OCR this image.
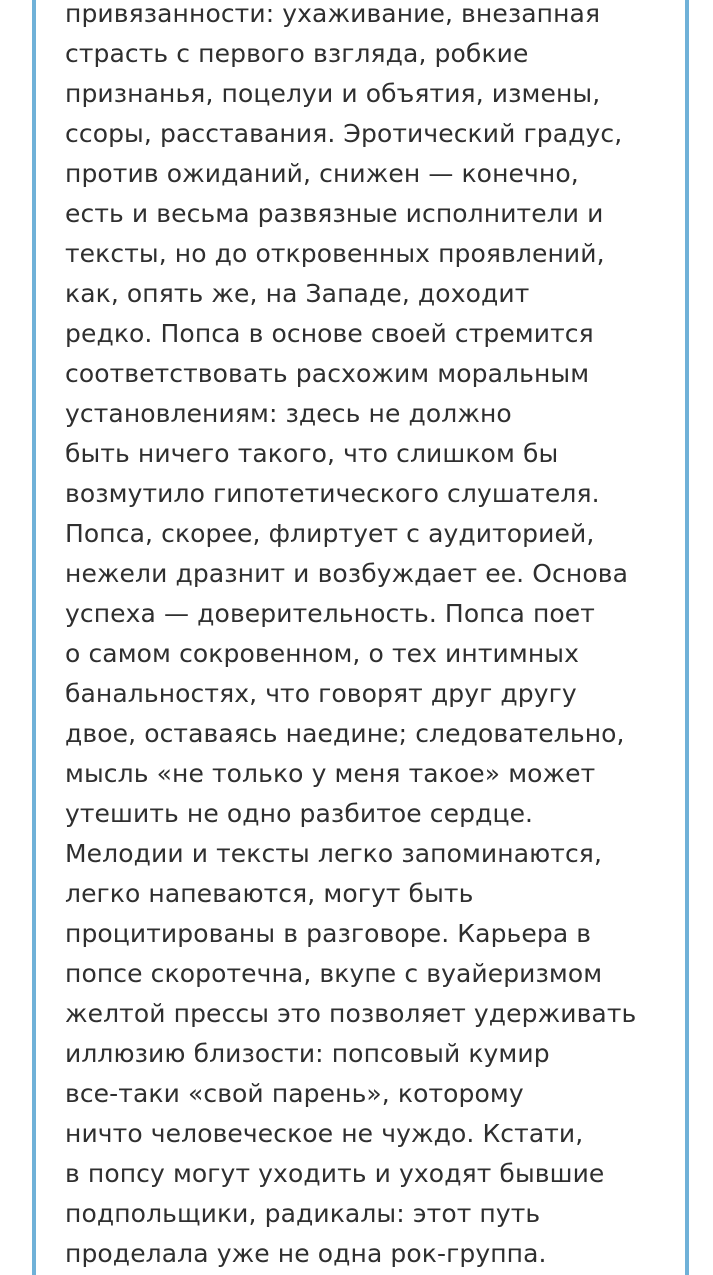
привязанности: ухаживание, внезапная
страсть с первого взгляда, робкие
признанья, поцелуи и объятия, измены,
ссоры, расставания. Эротический градус,
против ожиданий, снижен — конечно,
есть и весьма развязные исполнители и
тексты, но до откровенных проявлений,
как, опять же, на Западе, доходит
редко. Попса в основе своей стремится
соответствовать расхожим моральным
установлениям: здесь не должно
быть ничего такого, что слишком бы
возмутило гипотетического слушателя.
Попса, скорее, флиртует с аудиторией,
нежели дразнит и возбуждает ее. Основа
успеха — доверительность. Попса поет
о самом сокровенном, о тех интимных
банальностях, что говорят друг другу
двое, оставаясь наедине; следовательно,
мысль «не только у меня такое» может
утешить не одно разбитое сердце.
Мелодии и тексты легко запоминаются,
легко напеваются, могут быть
процитированы в разговоре. Карьера в
попсе скоротечна, вкупе с вуайеризмом
желтой прессы это позволяет удерживать
иллюзию близости: попсовый кумир
все-таки «свой парень», которому
ничто человеческое не чуждо. Кстати,
в попсу могут уходить и уходят бывшие
подпольщики, радикалы: этот путь
проделала уже не одна рок-группа.
